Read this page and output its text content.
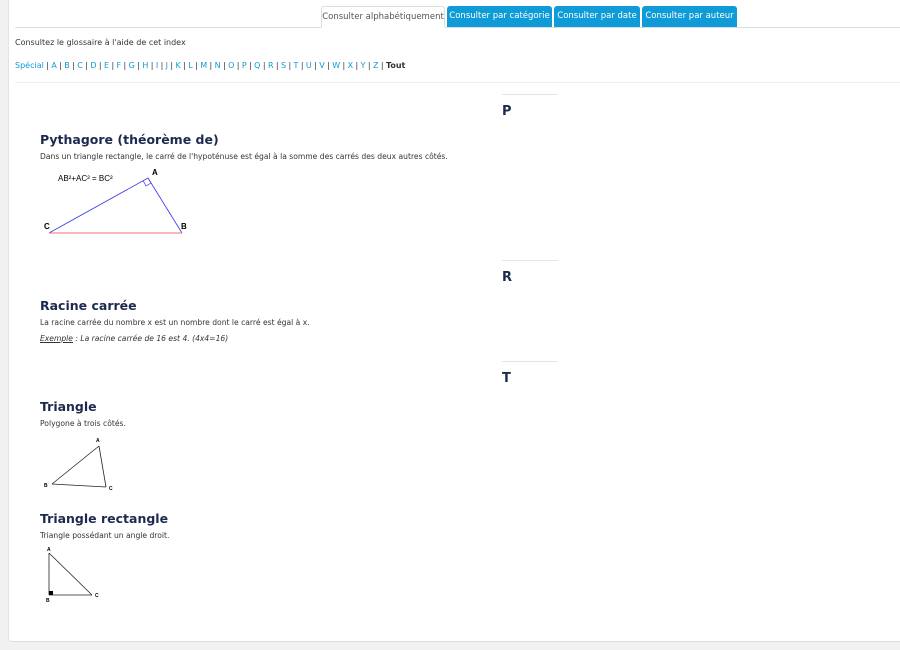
Consulter alphabétiquement Consulter par catégorie Consulter par date	Consulter par auteur
Consultez le glossaire à l'aide de cet index
Spécial | A | B | C | D | E | F | G | H | I | J | K | L | M | N | O | P | Q | R | S | T | U | V | W | X | Y | Z | Tout
P
Pythagore (théorème de)
Dans un triangle rectangle, le carré de l'hypoténuse est égal à la somme des carrés des deux autres côtés.
AB²+AC² = BC²
A
B
C
R
Racine carrée
La racine carrée du nombre x est un nombre dont le carré est égal à x.
Exemple : La racine carrée de 16 est 4. (4x4=16)
T
Triangle
Polygone à trois côtés.
A
B	C
Triangle rectangle
Triangle possédant un angle droit.
A
B
C
